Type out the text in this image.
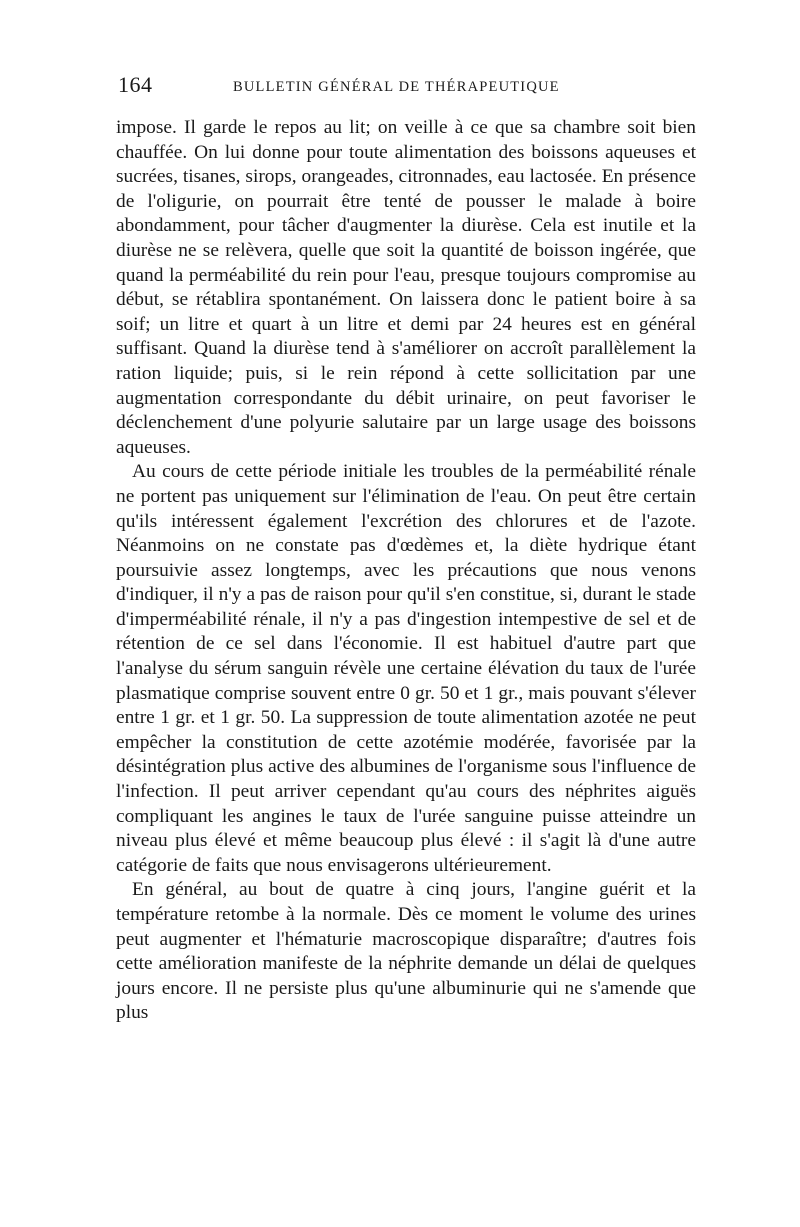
164	BULLETIN GÉNÉRAL DE THÉRAPEUTIQUE

impose. Il garde le repos au lit; on veille à ce que sa chambre soit bien chauffée. On lui donne pour toute alimentation des boissons aqueuses et sucrées, tisanes, sirops, orangeades, citronnades, eau lactosée. En présence de l'oligurie, on pourrait être tenté de pousser le malade à boire abondamment, pour tâcher d'augmenter la diurèse. Cela est inutile et la diurèse ne se relèvera, quelle que soit la quantité de boisson ingérée, que quand la perméabilité du rein pour l'eau, presque toujours compromise au début, se rétablira spontanément. On laissera donc le patient boire à sa soif; un litre et quart à un litre et demi par 24 heures est en général suffisant. Quand la diurèse tend à s'améliorer on accroît parallèlement la ration liquide; puis, si le rein répond à cette sollicitation par une augmentation correspondante du débit urinaire, on peut favoriser le déclenchement d'une polyurie salutaire par un large usage des boissons aqueuses.

Au cours de cette période initiale les troubles de la perméabilité rénale ne portent pas uniquement sur l'élimination de l'eau. On peut être certain qu'ils intéressent également l'excrétion des chlorures et de l'azote. Néanmoins on ne constate pas d'œdèmes et, la diète hydrique étant poursuivie assez longtemps, avec les précautions que nous venons d'indiquer, il n'y a pas de raison pour qu'il s'en constitue, si, durant le stade d'imperméabilité rénale, il n'y a pas d'ingestion intempestive de sel et de rétention de ce sel dans l'économie. Il est habituel d'autre part que l'analyse du sérum sanguin révèle une certaine élévation du taux de l'urée plasmatique comprise souvent entre 0 gr. 50 et 1 gr., mais pouvant s'élever entre 1 gr. et 1 gr. 50. La suppression de toute alimentation azotée ne peut empêcher la constitution de cette azotémie modérée, favorisée par la désintégration plus active des albumines de l'organisme sous l'influence de l'infection. Il peut arriver cependant qu'au cours des néphrites aiguës compliquant les angines le taux de l'urée sanguine puisse atteindre un niveau plus élevé et même beaucoup plus élevé : il s'agit là d'une autre catégorie de faits que nous envisagerons ultérieurement.

En général, au bout de quatre à cinq jours, l'angine guérit et la température retombe à la normale. Dès ce moment le volume des urines peut augmenter et l'hématurie macroscopique disparaître; d'autres fois cette amélioration manifeste de la néphrite demande un délai de quelques jours encore. Il ne persiste plus qu'une albuminurie qui ne s'amende que plus
